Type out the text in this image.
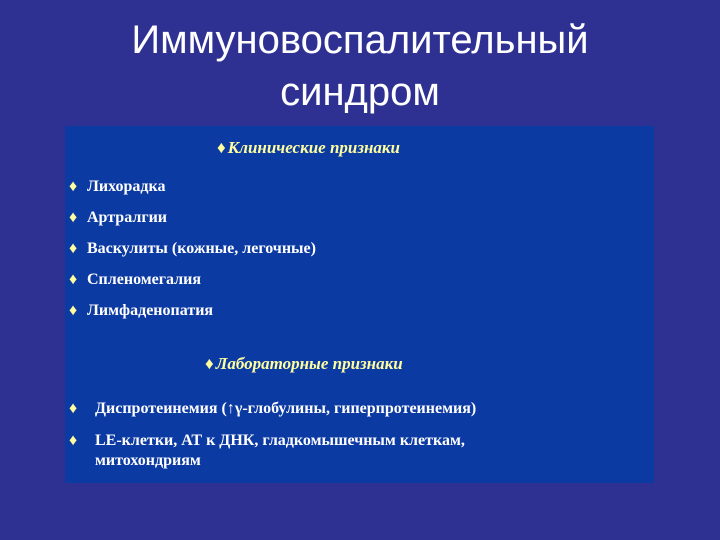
Иммуновоспалительный
синдром
♦ Клинические признаки
♦ Лихорадка
♦ Артралгии
♦ Васкулиты (кожные, легочные)
♦ Спленомегалия
♦ Лимфаденопатия
♦ Лабораторные признаки
♦ Диспротеинемия (↑γ-глобулины, гиперпротеинемия)
♦ LE-клетки, АТ к ДНК, гладкомышечным клеткам,
митохондриям
